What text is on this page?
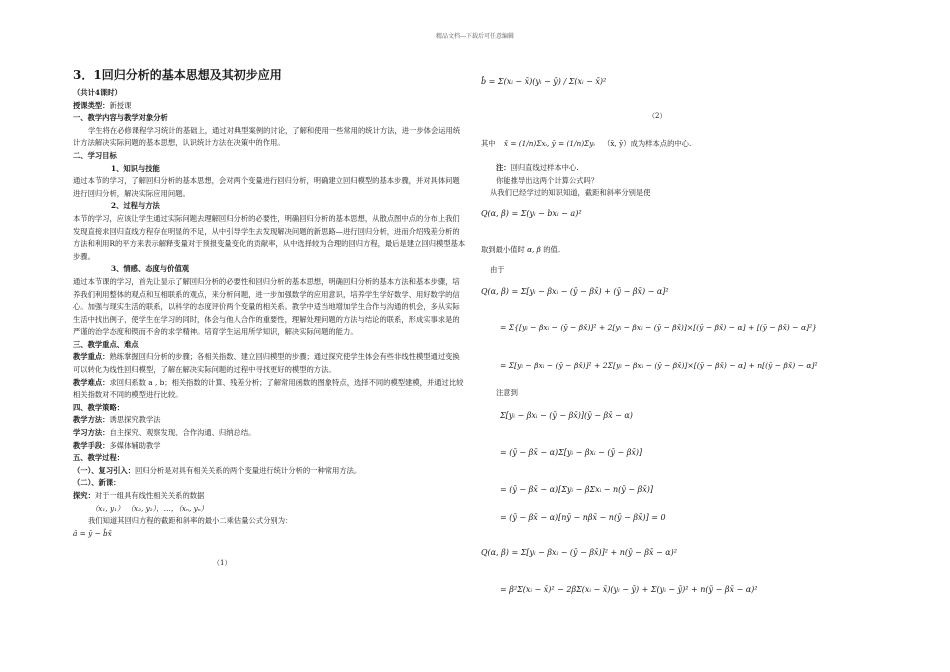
精品文档---下载后可任意编辑
3．1回归分析的基本思想及其初步应用

（共计4课时）

授课类型：新授课

一、教学内容与教学对象分析

学生将在必修课程学习统计的基础上，通过对典型案例的讨论，了解和使用一些常用的统计方法，进一步体会运用统计方法解决实际问题的基本思想，认识统计方法在决策中的作用。

二、学习目标

1、知识与技能

通过本节的学习，了解回归分析的基本思想，会对两个变量进行回归分析，明确建立回归模型的基本步骤，并对具体问题进行回归分析，解决实际应用问题。

2、过程与方法

本节的学习，应该让学生通过实际问题去理解回归分析的必要性，明确回归分析的基本思想，从散点图中点的分布上我们发现直接求回归直线方程存在明显的不足，从中引导学生去发现解决问题的新思路—进行回归分析，进而介绍残差分析的方法和利用R的平方来表示解释变量对于预报变量变化的贡献率，从中选择较为合理的回归方程，最后是建立回归模型基本步骤。

3、情感、态度与价值观

通过本节课的学习，首先让显示了解回归分析的必要性和回归分析的基本思想，明确回归分析的基本方法和基本步骤，培养我们利用整体的观点和互相联系的观点，来分析问题，进一步加强数学的应用意识，培养学生学好数学、用好数学的信心。加强与现实生活的联系，以科学的态度评价两个变量的相关系。教学中适当地增加学生合作与沟通的机会，多从实际生活中找出例子，使学生在学习的同时，体会与他人合作的重要性，理解处理问题的方法与结论的联系，形成实事求是的严谨的治学态度和锲而不舍的求学精神。培育学生运用所学知识，解决实际问题的能力。

三、教学重点、难点

教学重点：熟练掌握回归分析的步骤；各相关指数、建立回归模型的步骤；通过探究使学生体会有些非线性模型通过变换可以转化为线性回归模型，了解在解决实际问题的过程中寻找更好的模型的方法。

教学难点：求回归系数 a , b；相关指数的计算、残差分析；了解常用函数的图象特点，选择不同的模型建模，并通过比较相关指数对不同的模型进行比较。

四、教学策略：

教学方法：诱思探究教学法

学习方法：自主探究、观察发现、合作沟通、归纳总结。

教学手段：多媒体辅助教学

五、教学过程：

（一）、复习引入：回归分析是对具有相关关系的两个变量进行统计分析的一种常用方法。

（二）、新课：

探究：对于一组具有线性相关关系的数据

（x₁, y₁） （x₂, y₂），…，（xₙ, yₙ）

我们知道其回归方程的截距和斜率的最小二乘估量公式分别为：

â = ȳ − b̂x̄

（1）
b̂ = Σ(xᵢ − x̄)(yᵢ − ȳ) / Σ(xᵢ − x̄)²
（2）
其中 x̄ = (1/n)Σxᵢ, ȳ = (1/n)Σyᵢ （x̄, ȳ）成为样本点的中心.
注：回归直线过样本中心.
你能推导出这两个计算公式吗？
从我们已经学过的知识知道，截距和斜率分别是使
Q(α, β) = Σ(yᵢ − bxᵢ − a)²
取到最小值时 α, β 的值.
由于
Q(α, β) = Σ[yᵢ − βxᵢ − (ȳ − βx̄) + (ȳ − βx̄) − α]²
= Σ{[yᵢ − βxᵢ − (ȳ − βx̄)]² + 2[yᵢ − βxᵢ − (ȳ − βx̄)]×[(ȳ − βx̄) − α] + [(ȳ − βx̄) − α]²}
= Σ[yᵢ − βxᵢ − (ȳ − βx̄)]² + 2Σ[yᵢ − βxᵢ − (ȳ − βx̄)]×[(ȳ − βx̄) − α] + n[(ȳ − βx̄) − α]²
注意到
Σ[yᵢ − βxᵢ − (ȳ − βx̄)](ȳ − βx̄ − α)
= (ȳ − βx̄ − α)Σ[yᵢ − βxᵢ − (ȳ − βx̄)]
= (ȳ − βx̄ − α)[Σyᵢ − βΣxᵢ − n(ȳ − βx̄)]
= (ȳ − βx̄ − α)[nȳ − nβx̄ − n(ȳ − βx̄)] = 0
Q(α, β) = Σ[yᵢ − βxᵢ − (ȳ − βx̄)]² + n(ȳ − βx̄ − α)²
= β²Σ(xᵢ − x̄)² − 2βΣ(xᵢ − x̄)(yᵢ − ȳ) + Σ(yᵢ − ȳ)² + n(ȳ − βx̄ − α)²
